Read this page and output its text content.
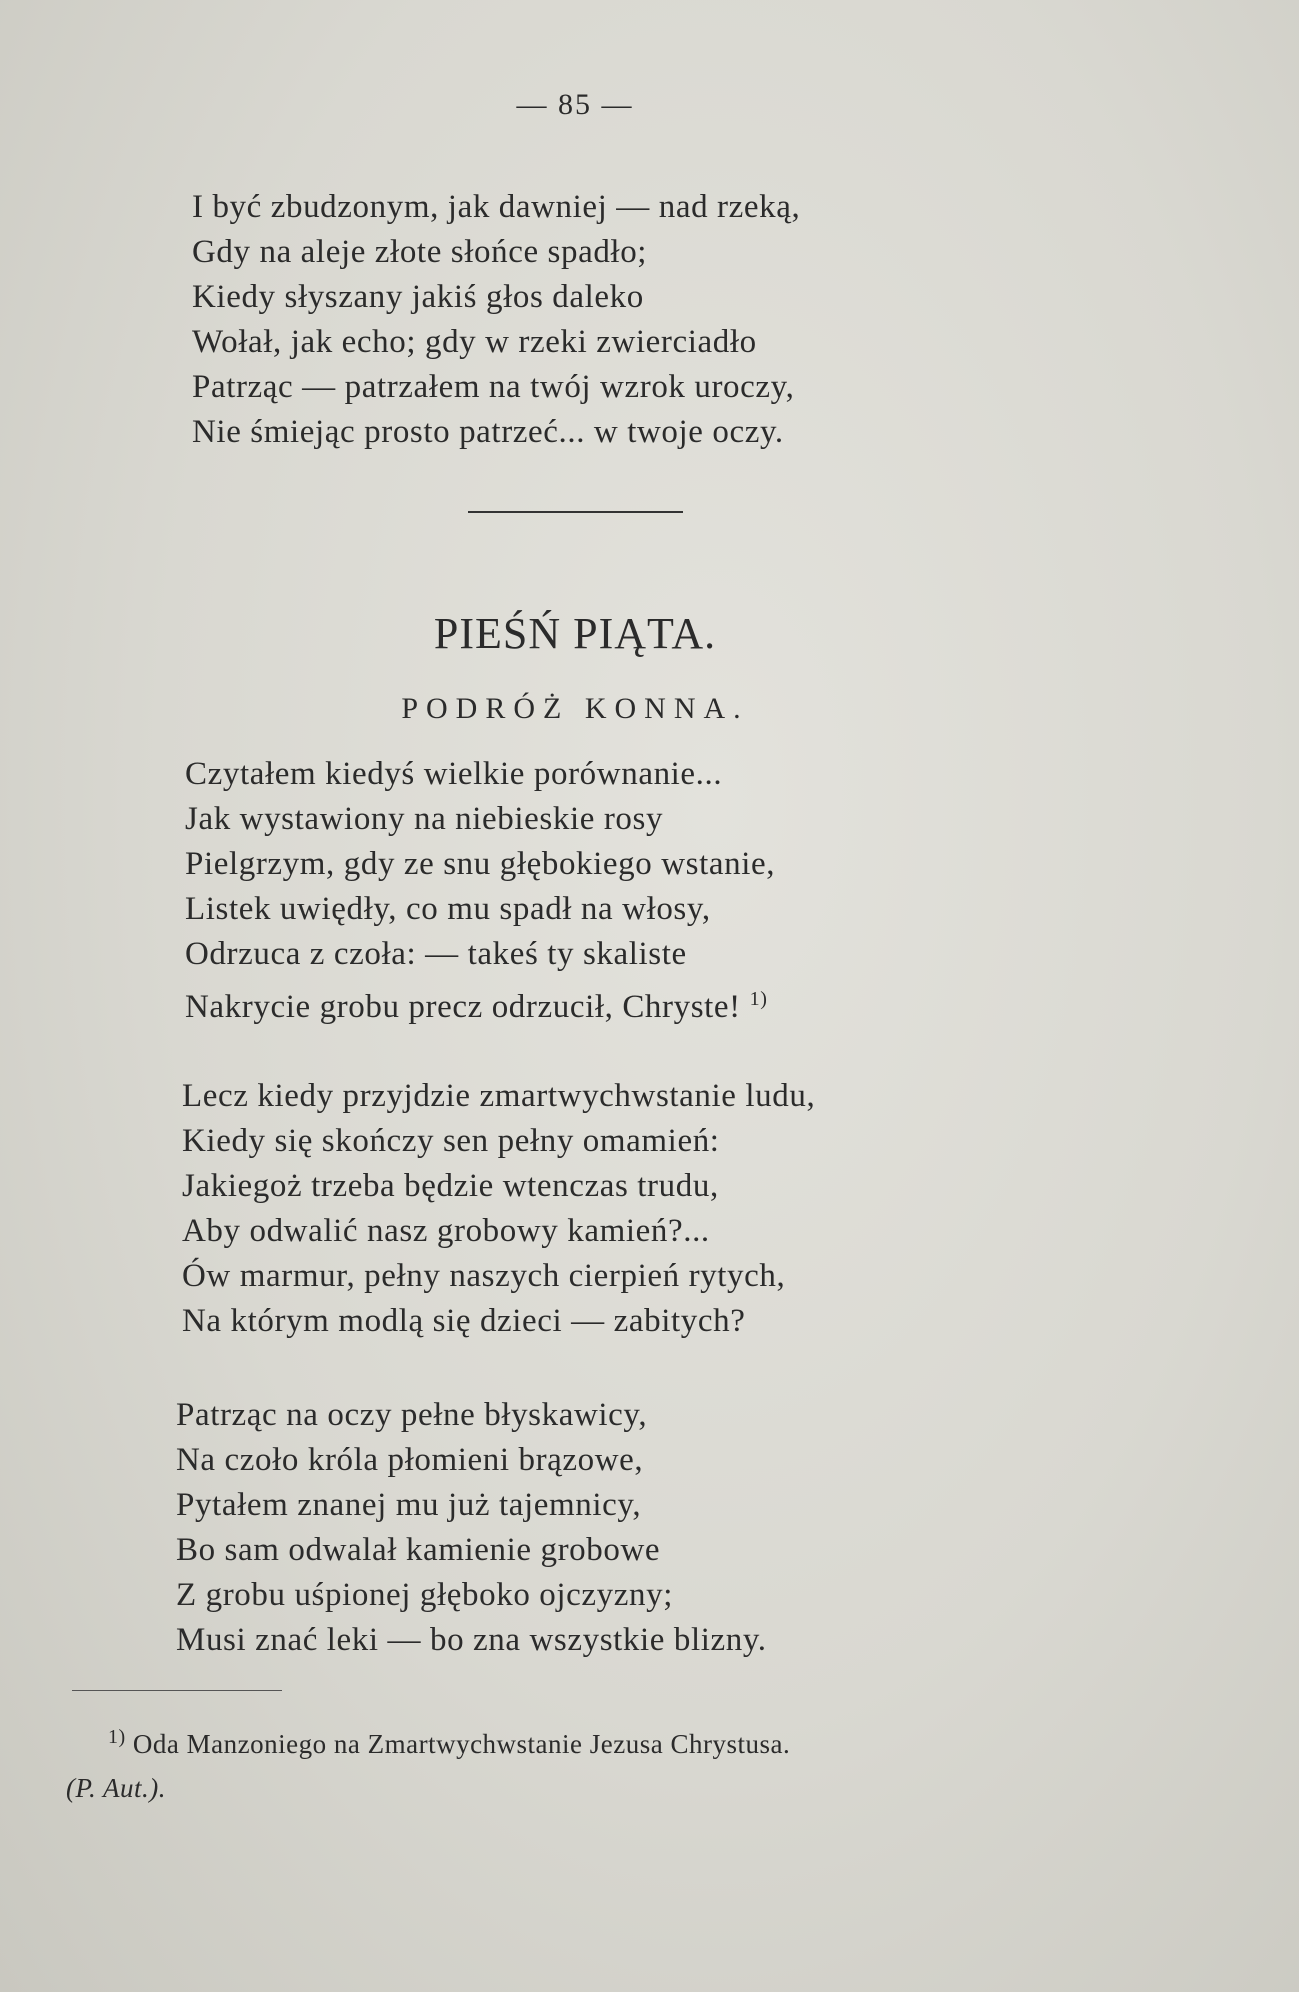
— 85 —
I być zbudzonym, jak dawniej — nad rzeką,
Gdy na aleje złote słońce spadło;
Kiedy słyszany jakiś głos daleko
Wołał, jak echo; gdy w rzeki zwierciadło
Patrząc — patrzałem na twój wzrok uroczy,
Nie śmiejąc prosto patrzeć... w twoje oczy.
PIEŚŃ PIĄTA.
PODRÓŻ KONNA.
Czytałem kiedyś wielkie porównanie...
Jak wystawiony na niebieskie rosy
Pielgrzym, gdy ze snu głębokiego wstanie,
Listek uwiędły, co mu spadł na włosy,
Odrzuca z czoła: — takeś ty skaliste
Nakrycie grobu precz odrzucił, Chryste! $^{1)}$
Lecz kiedy przyjdzie zmartwychwstanie ludu,
Kiedy się skończy sen pełny omamień:
Jakiegoż trzeba będzie wtenczas trudu,
Aby odwalić nasz grobowy kamień?...
Ów marmur, pełny naszych cierpień rytych,
Na którym modlą się dzieci — zabitych?
Patrząc na oczy pełne błyskawicy,
Na czoło króla płomieni brązowe,
Pytałem znanej mu już tajemnicy,
Bo sam odwalał kamienie grobowe
Z grobu uśpionej głęboko ojczyzny;
Musi znać leki — bo zna wszystkie blizny.
$^{1)}$ Oda Manzoniego na Zmartwychwstanie Jezusa Chrystusa.
(P. Aut.).
